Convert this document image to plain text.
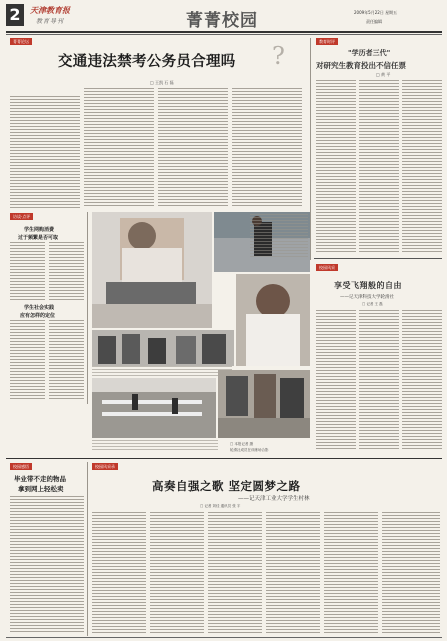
2	天津教育报
教育导刊	菁菁校园	2009年5月22日 星期五
责任编辑
菁菁论坛
交通违法禁考公务员合理吗 ?
□ 王凯 石 磊
访谈·点评
学生网购消费
过于频繁是否可取
学生社会实践
应有怎样的定位
□ 本报记者 摄
轮滑社成员在训练场合影
教育时评
"学历者三代"
对研究生教育投出不信任票
□ 黄 平
校园风采
享受飞翔般的自由
——记天津科技大学轮滑社
□ 记者 王 磊
校园感悟
毕业带不走的物品
拿到网上轻松卖
校园风采录
高奏自强之歌 坚定圆梦之路
——记天津工业大学学生村林
□ 记者 刘佳 通讯员 张 宇
